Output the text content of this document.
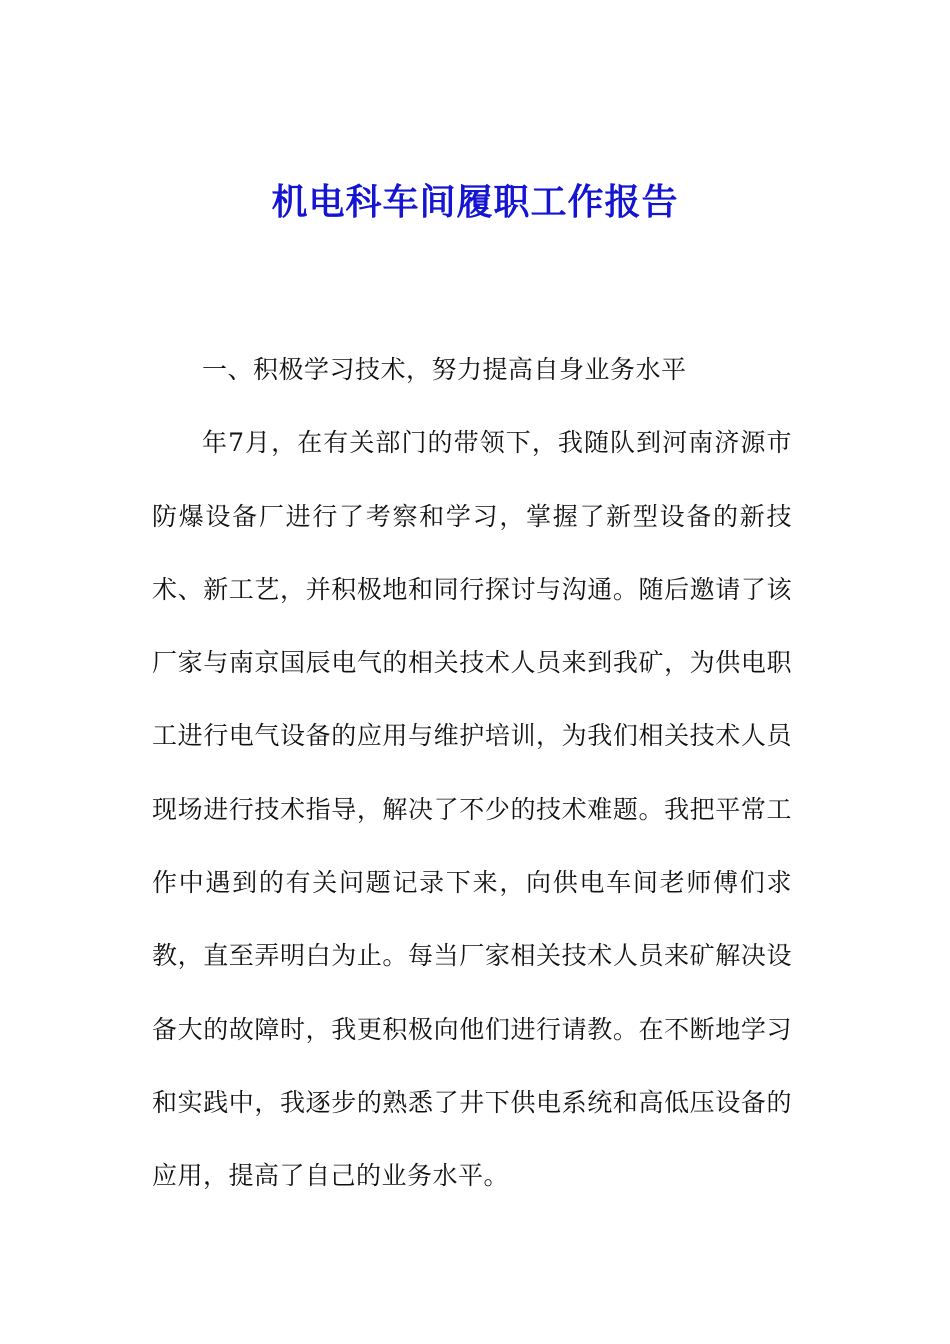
机电科车间履职工作报告

一、积极学习技术，努力提高自身业务水平

年7月，在有关部门的带领下，我随队到河南济源市防爆设备厂进行了考察和学习，掌握了新型设备的新技术、新工艺，并积极地和同行探讨与沟通。随后邀请了该厂家与南京国辰电气的相关技术人员来到我矿，为供电职工进行电气设备的应用与维护培训，为我们相关技术人员现场进行技术指导，解决了不少的技术难题。我把平常工作中遇到的有关问题记录下来，向供电车间老师傅们求教，直至弄明白为止。每当厂家相关技术人员来矿解决设备大的故障时，我更积极向他们进行请教。在不断地学习和实践中，我逐步的熟悉了井下供电系统和高低压设备的应用，提高了自己的业务水平。
